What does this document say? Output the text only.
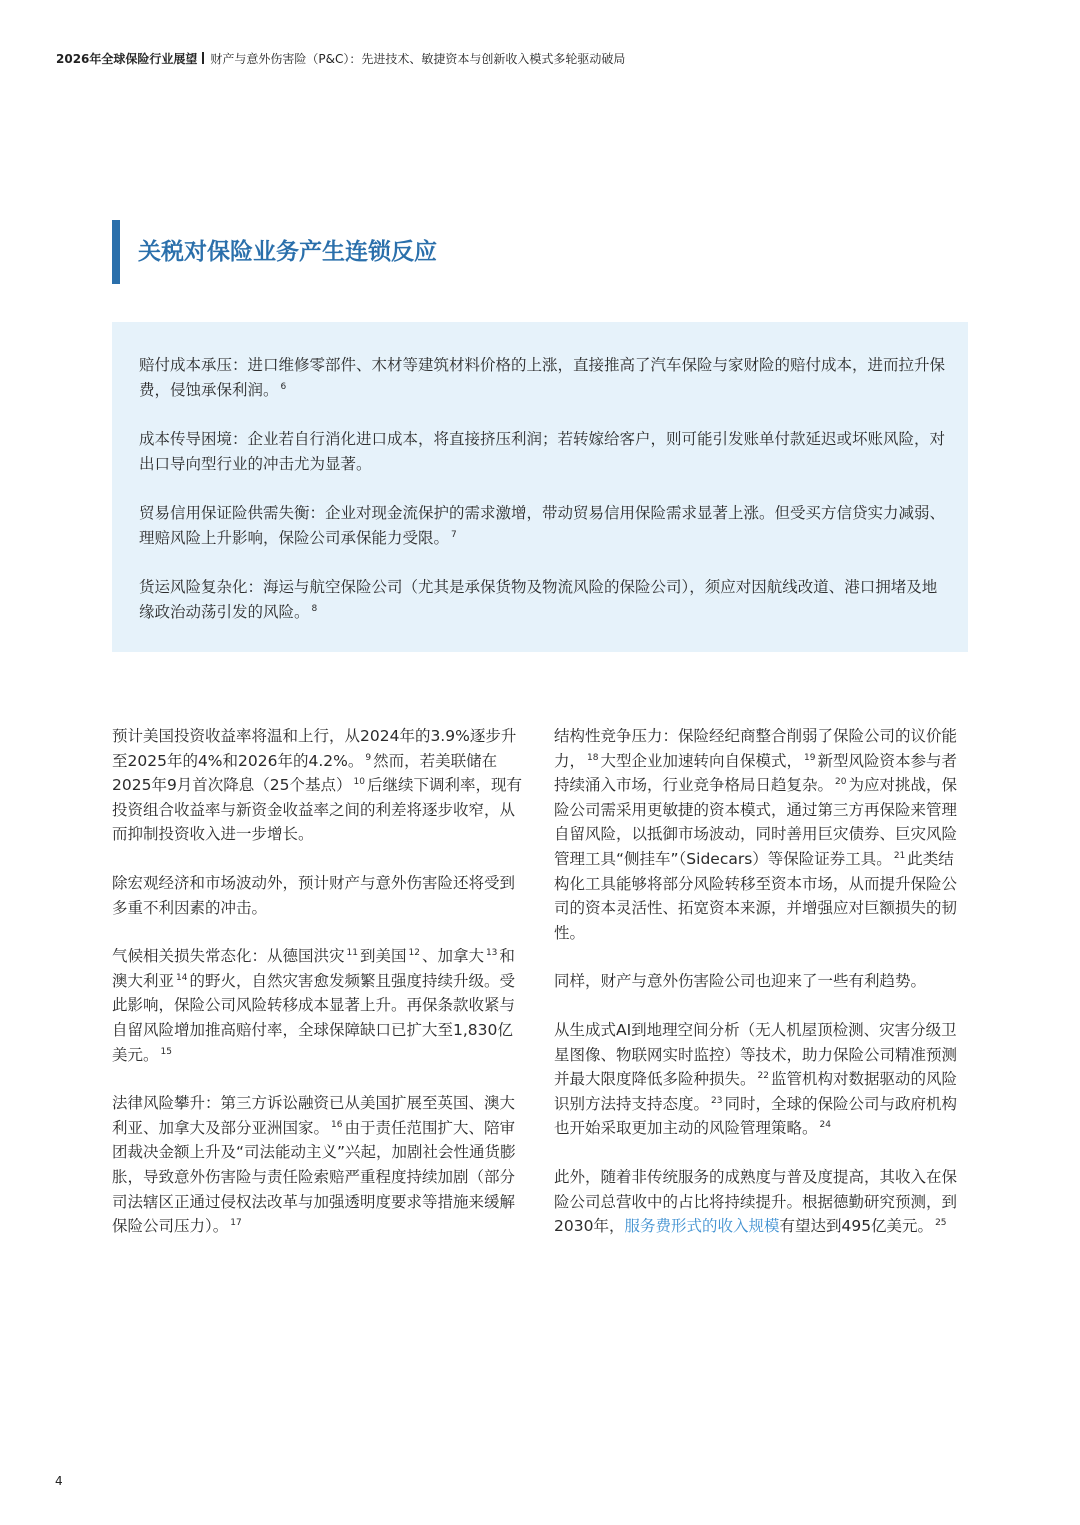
2026年全球保险行业展望 财产与意外伤害险（P&C）：先进技术、敏捷资本与创新收入模式多轮驱动破局
关税对保险业务产生连锁反应

赔付成本承压：进口维修零部件、木材等建筑材料价格的上涨，直接推高了汽车保险与家财险的赔付成本，进而拉升保费，侵蚀承保利润。 $^6$

成本传导困境：企业若自行消化进口成本，将直接挤压利润；若转嫁给客户，则可能引发账单付款延迟或坏账风险，对出口导向型行业的冲击尤为显著。

贸易信用保证险供需失衡：企业对现金流保护的需求激增，带动贸易信用保险需求显著上涨。但受买方信贷实力减弱、理赔风险上升影响，保险公司承保能力受限。 $^7$

货运风险复杂化：海运与航空保险公司（尤其是承保货物及物流风险的保险公司），须应对因航线改道、港口拥堵及地缘政治动荡引发的风险。 $^8$

预计美国投资收益率将温和上行，从2024年的3.9%逐步升至2025年的4%和2026年的4.2%。 $^9$ 然而，若美联储在2025年9月首次降息（25个基点） $^{10}$ 后继续下调利率，现有投资组合收益率与新资金收益率之间的利差将逐步收窄，从而抑制投资收入进一步增长。

除宏观经济和市场波动外，预计财产与意外伤害险还将受到多重不利因素的冲击。

气候相关损失常态化：从德国洪灾 $^{11}$ 到美国 $^{12}$ 、加拿大 $^{13}$ 和澳大利亚 $^{14}$ 的野火，自然灾害愈发频繁且强度持续升级。受此影响，保险公司风险转移成本显著上升。再保条款收紧与自留风险增加推高赔付率，全球保障缺口已扩大至1,830亿美元。 $^{15}$

法律风险攀升：第三方诉讼融资已从美国扩展至英国、澳大利亚、加拿大及部分亚洲国家。 $^{16}$ 由于责任范围扩大、陪审团裁决金额上升及“司法能动主义”兴起，加剧社会性通货膨胀，导致意外伤害险与责任险索赔严重程度持续加剧（部分司法辖区正通过侵权法改革与加强透明度要求等措施来缓解保险公司压力）。 $^{17}$

结构性竞争压力：保险经纪商整合削弱了保险公司的议价能力， $^{18}$ 大型企业加速转向自保模式， $^{19}$ 新型风险资本参与者持续涌入市场，行业竞争格局日趋复杂。 $^{20}$ 为应对挑战，保险公司需采用更敏捷的资本模式，通过第三方再保险来管理自留风险，以抵御市场波动，同时善用巨灾债券、巨灾风险管理工具“侧挂车”（Sidecars）等保险证券工具。 $^{21}$ 此类结构化工具能够将部分风险转移至资本市场，从而提升保险公司的资本灵活性、拓宽资本来源，并增强应对巨额损失的韧性。

同样，财产与意外伤害险公司也迎来了一些有利趋势。

从生成式AI到地理空间分析（无人机屋顶检测、灾害分级卫星图像、物联网实时监控）等技术，助力保险公司精准预测并最大限度降低多险种损失。 $^{22}$ 监管机构对数据驱动的风险识别方法持支持态度。 $^{23}$ 同时，全球的保险公司与政府机构也开始采取更加主动的风险管理策略。 $^{24}$

此外，随着非传统服务的成熟度与普及度提高，其收入在保险公司总营收中的占比将持续提升。根据德勤研究预测，到2030年，服务费形式的收入规模有望达到495亿美元。 $^{25}$

4
